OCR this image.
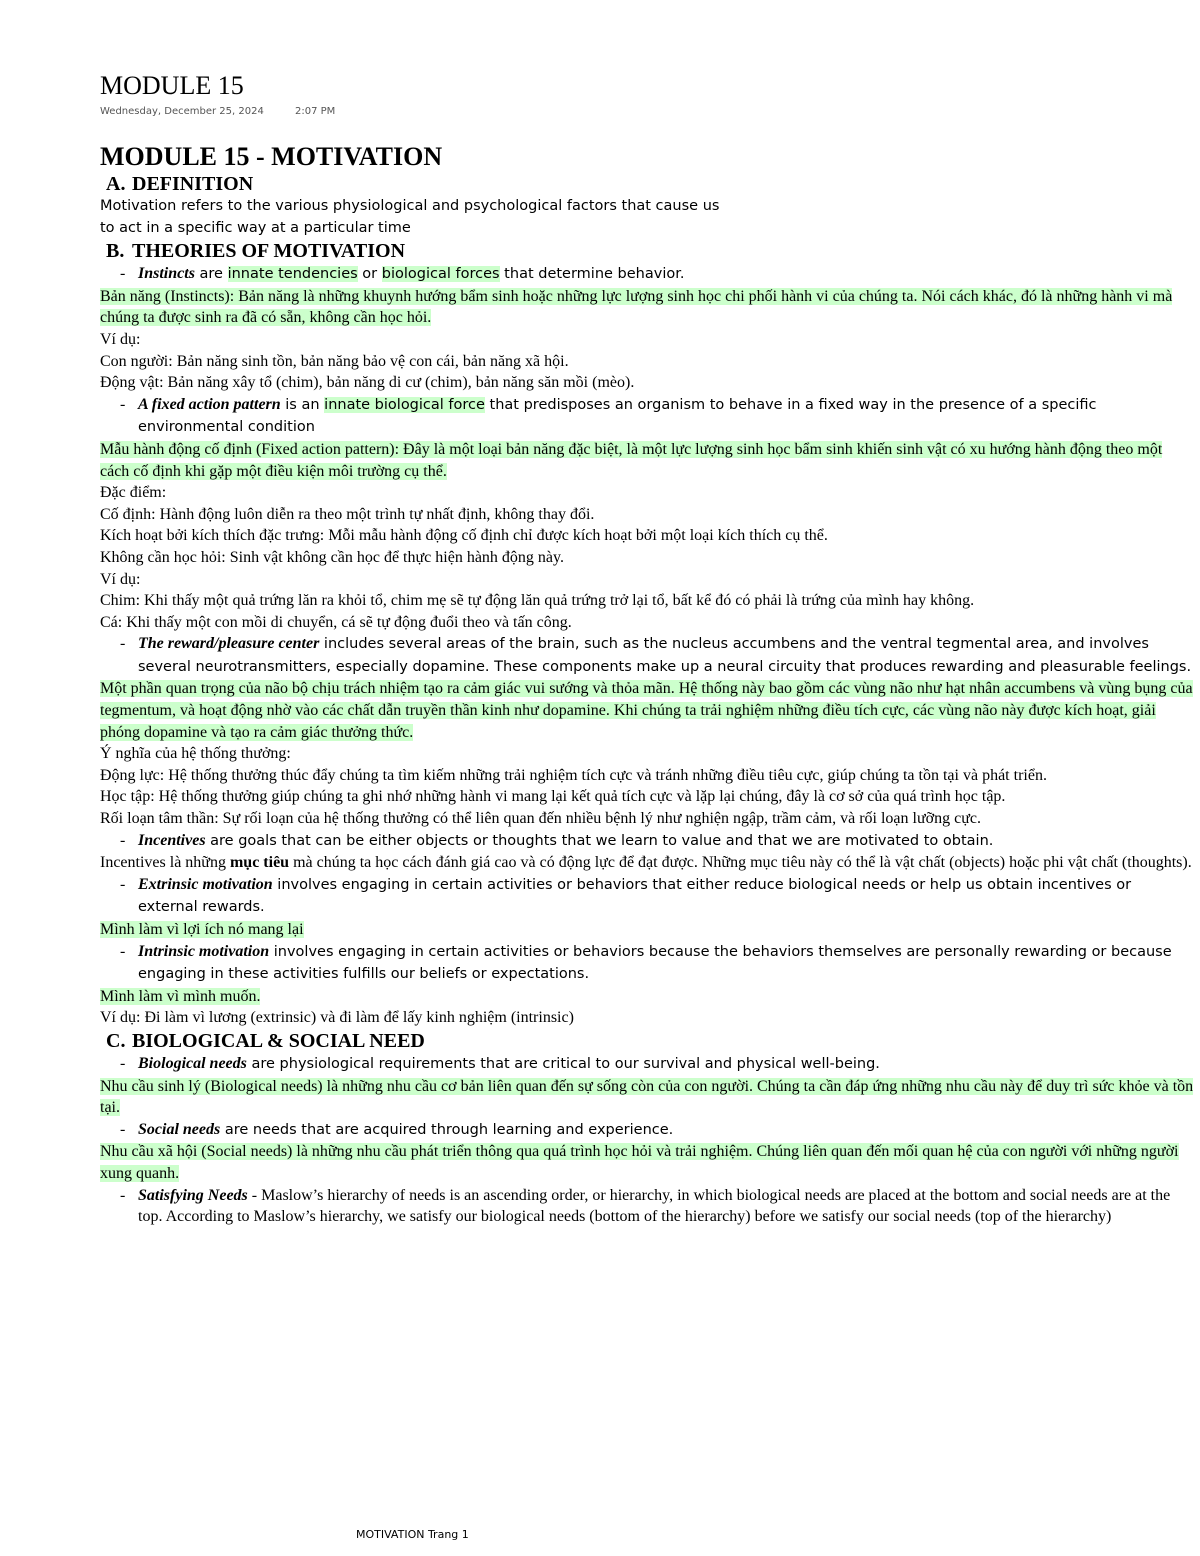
MODULE 15
Wednesday, December 25, 2024	2:07 PM
MODULE 15 - MOTIVATION
A. DEFINITION

Motivation refers to the various physiological and psychological factors that cause us

to act in a specific way at a particular time

B. THEORIES OF MOTIVATION

- Instincts are innate tendencies or biological forces that determine behavior.

Bản năng (Instincts): Bản năng là những khuynh hướng bẩm sinh hoặc những lực lượng sinh học chi phối hành vi của chúng ta. Nói cách khác, đó là những hành vi mà chúng ta được sinh ra đã có sẵn, không cần học hỏi.

Ví dụ:

Con người: Bản năng sinh tồn, bản năng bảo vệ con cái, bản năng xã hội.

Động vật: Bản năng xây tổ (chim), bản năng di cư (chim), bản năng săn mồi (mèo).

- A fixed action pattern is an innate biological force that predisposes an organism to behave in a fixed way in the presence of a specific environmental condition

Mẫu hành động cố định (Fixed action pattern): Đây là một loại bản năng đặc biệt, là một lực lượng sinh học bẩm sinh khiến sinh vật có xu hướng hành động theo một cách cố định khi gặp một điều kiện môi trường cụ thể.

Đặc điểm:

Cố định: Hành động luôn diễn ra theo một trình tự nhất định, không thay đổi.

Kích hoạt bởi kích thích đặc trưng: Mỗi mẫu hành động cố định chỉ được kích hoạt bởi một loại kích thích cụ thể.

Không cần học hỏi: Sinh vật không cần học để thực hiện hành động này.

Ví dụ:

Chim: Khi thấy một quả trứng lăn ra khỏi tổ, chim mẹ sẽ tự động lăn quả trứng trở lại tổ, bất kể đó có phải là trứng của mình hay không.

Cá: Khi thấy một con mồi di chuyển, cá sẽ tự động đuổi theo và tấn công.

- The reward/pleasure center includes several areas of the brain, such as the nucleus accumbens and the ventral tegmental area, and involves several neurotransmitters, especially dopamine. These components make up a neural circuity that produces rewarding and pleasurable feelings.

Một phần quan trọng của não bộ chịu trách nhiệm tạo ra cảm giác vui sướng và thỏa mãn. Hệ thống này bao gồm các vùng não như hạt nhân accumbens và vùng bụng của tegmentum, và hoạt động nhờ vào các chất dẫn truyền thần kinh như dopamine. Khi chúng ta trải nghiệm những điều tích cực, các vùng não này được kích hoạt, giải phóng dopamine và tạo ra cảm giác thưởng thức.

Ý nghĩa của hệ thống thưởng:

Động lực: Hệ thống thưởng thúc đẩy chúng ta tìm kiếm những trải nghiệm tích cực và tránh những điều tiêu cực, giúp chúng ta tồn tại và phát triển.

Học tập: Hệ thống thưởng giúp chúng ta ghi nhớ những hành vi mang lại kết quả tích cực và lặp lại chúng, đây là cơ sở của quá trình học tập.

Rối loạn tâm thần: Sự rối loạn của hệ thống thưởng có thể liên quan đến nhiều bệnh lý như nghiện ngập, trầm cảm, và rối loạn lưỡng cực.

- Incentives are goals that can be either objects or thoughts that we learn to value and that we are motivated to obtain.

Incentives là những mục tiêu mà chúng ta học cách đánh giá cao và có động lực để đạt được. Những mục tiêu này có thể là vật chất (objects) hoặc phi vật chất (thoughts).

- Extrinsic motivation involves engaging in certain activities or behaviors that either reduce biological needs or help us obtain incentives or external rewards.

Mình làm vì lợi ích nó mang lại

- Intrinsic motivation involves engaging in certain activities or behaviors because the behaviors themselves are personally rewarding or because engaging in these activities fulfills our beliefs or expectations.

Mình làm vì mình muốn.

Ví dụ: Đi làm vì lương (extrinsic) và đi làm để lấy kinh nghiệm (intrinsic)

C. BIOLOGICAL & SOCIAL NEED

- Biological needs are physiological requirements that are critical to our survival and physical well-being.

Nhu cầu sinh lý (Biological needs) là những nhu cầu cơ bản liên quan đến sự sống còn của con người. Chúng ta cần đáp ứng những nhu cầu này để duy trì sức khỏe và tồn tại.

- Social needs are needs that are acquired through learning and experience.

Nhu cầu xã hội (Social needs) là những nhu cầu phát triển thông qua quá trình học hỏi và trải nghiệm. Chúng liên quan đến mối quan hệ của con người với những người xung quanh.

- Satisfying Needs - Maslow’s hierarchy of needs is an ascending order, or hierarchy, in which biological needs are placed at the bottom and social needs are at the top. According to Maslow’s hierarchy, we satisfy our biological needs (bottom of the hierarchy) before we satisfy our social needs (top of the hierarchy)

MOTIVATION Trang 1
